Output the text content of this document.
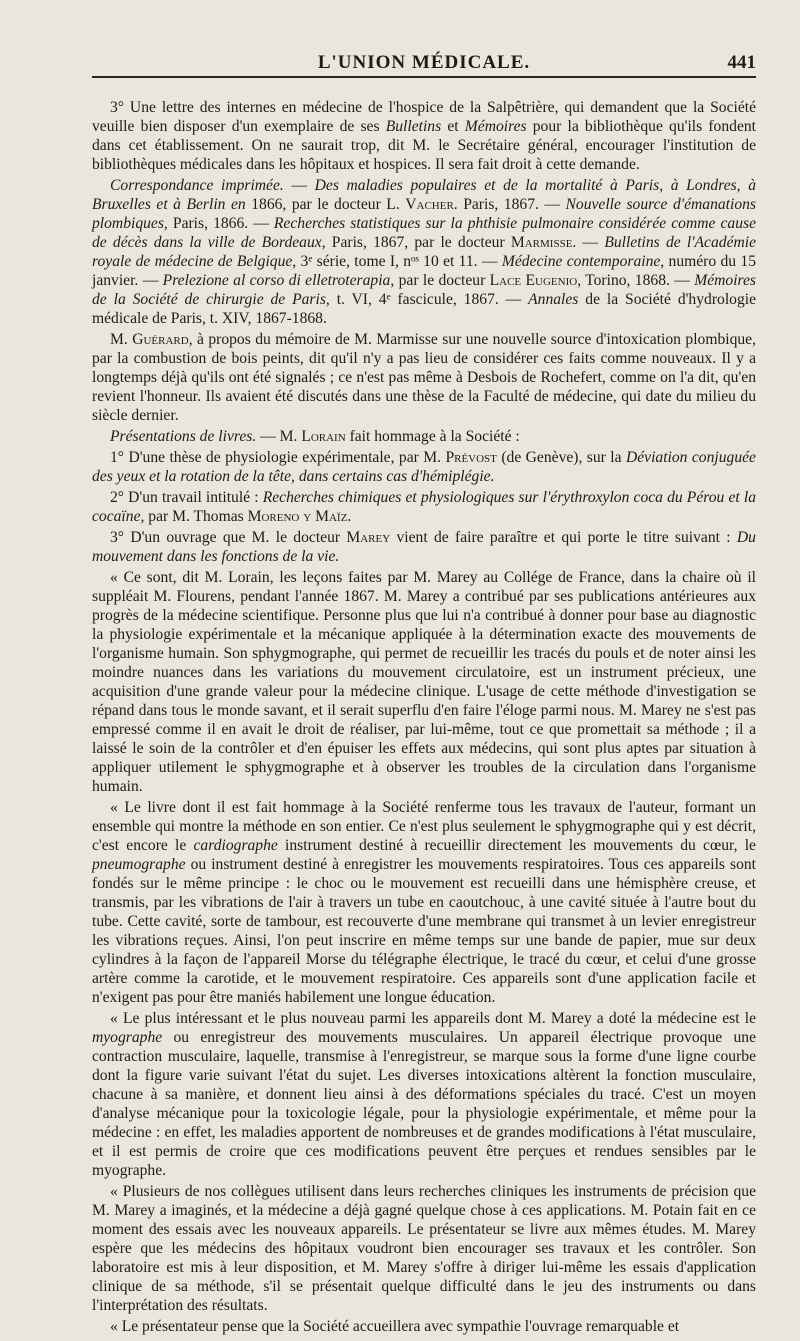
L'UNION MÉDICALE.	441

3° Une lettre des internes en médecine de l'hospice de la Salpêtrière, qui demandent que la Société veuille bien disposer d'un exemplaire de ses Bulletins et Mémoires pour la bibliothèque qu'ils fondent dans cet établissement. On ne saurait trop, dit M. le Secrétaire général, encourager l'institution de bibliothèques médicales dans les hôpitaux et hospices. Il sera fait droit à cette demande.

Correspondance imprimée. — Des maladies populaires et de la mortalité à Paris, à Londres, à Bruxelles et à Berlin en 1866, par le docteur L. Vacher. Paris, 1867. — Nouvelle source d'émanations plombiques, Paris, 1866. — Recherches statistiques sur la phthisie pulmonaire considérée comme cause de décès dans la ville de Bordeaux, Paris, 1867, par le docteur Marmisse. — Bulletins de l'Académie royale de médecine de Belgique, 3ᵉ série, tome I, nᵒˢ 10 et 11. — Médecine contemporaine, numéro du 15 janvier. — Prelezione al corso di elletroterapia, par le docteur Lace Eugenio, Torino, 1868. — Mémoires de la Société de chirurgie de Paris, t. VI, 4ᵉ fascicule, 1867. — Annales de la Société d'hydrologie médicale de Paris, t. XIV, 1867-1868.

M. Guérard, à propos du mémoire de M. Marmisse sur une nouvelle source d'intoxication plombique, par la combustion de bois peints, dit qu'il n'y a pas lieu de considérer ces faits comme nouveaux. Il y a longtemps déjà qu'ils ont été signalés ; ce n'est pas même à Desbois de Rochefert, comme on l'a dit, qu'en revient l'honneur. Ils avaient été discutés dans une thèse de la Faculté de médecine, qui date du milieu du siècle dernier.

Présentations de livres. — M. Lorain fait hommage à la Société :

1° D'une thèse de physiologie expérimentale, par M. Prévost (de Genève), sur la Déviation conjuguée des yeux et la rotation de la tête, dans certains cas d'hémiplégie.

2° D'un travail intitulé : Recherches chimiques et physiologiques sur l'érythroxylon coca du Pérou et la cocaïne, par M. Thomas Moreno y Maïz.

3° D'un ouvrage que M. le docteur Marey vient de faire paraître et qui porte le titre suivant : Du mouvement dans les fonctions de la vie.

« Ce sont, dit M. Lorain, les leçons faites par M. Marey au Collége de France, dans la chaire où il suppléait M. Flourens, pendant l'année 1867. M. Marey a contribué par ses publications antérieures aux progrès de la médecine scientifique. Personne plus que lui n'a contribué à donner pour base au diagnostic la physiologie expérimentale et la mécanique appliquée à la détermination exacte des mouvements de l'organisme humain. Son sphygmographe, qui permet de recueillir les tracés du pouls et de noter ainsi les moindre nuances dans les variations du mouvement circulatoire, est un instrument précieux, une acquisition d'une grande valeur pour la médecine clinique. L'usage de cette méthode d'investigation se répand dans tous le monde savant, et il serait superflu d'en faire l'éloge parmi nous. M. Marey ne s'est pas empressé comme il en avait le droit de réaliser, par lui-même, tout ce que promettait sa méthode ; il a laissé le soin de la contrôler et d'en épuiser les effets aux médecins, qui sont plus aptes par situation à appliquer utilement le sphygmographe et à observer les troubles de la circulation dans l'organisme humain.

« Le livre dont il est fait hommage à la Société renferme tous les travaux de l'auteur, formant un ensemble qui montre la méthode en son entier. Ce n'est plus seulement le sphygmographe qui y est décrit, c'est encore le cardiographe instrument destiné à recueillir directement les mouvements du cœur, le pneumographe ou instrument destiné à enregistrer les mouvements respiratoires. Tous ces appareils sont fondés sur le même principe : le choc ou le mouvement est recueilli dans une hémisphère creuse, et transmis, par les vibrations de l'air à travers un tube en caoutchouc, à une cavité située à l'autre bout du tube. Cette cavité, sorte de tambour, est recouverte d'une membrane qui transmet à un levier enregistreur les vibrations reçues. Ainsi, l'on peut inscrire en même temps sur une bande de papier, mue sur deux cylindres à la façon de l'appareil Morse du télégraphe électrique, le tracé du cœur, et celui d'une grosse artère comme la carotide, et le mouvement respiratoire. Ces appareils sont d'une application facile et n'exigent pas pour être maniés habilement une longue éducation.

« Le plus intéressant et le plus nouveau parmi les appareils dont M. Marey a doté la médecine est le myographe ou enregistreur des mouvements musculaires. Un appareil électrique provoque une contraction musculaire, laquelle, transmise à l'enregistreur, se marque sous la forme d'une ligne courbe dont la figure varie suivant l'état du sujet. Les diverses intoxications altèrent la fonction musculaire, chacune à sa manière, et donnent lieu ainsi à des déformations spéciales du tracé. C'est un moyen d'analyse mécanique pour la toxicologie légale, pour la physiologie expérimentale, et même pour la médecine : en effet, les maladies apportent de nombreuses et de grandes modifications à l'état musculaire, et il est permis de croire que ces modifications peuvent être perçues et rendues sensibles par le myographe.

« Plusieurs de nos collègues utilisent dans leurs recherches cliniques les instruments de précision que M. Marey a imaginés, et la médecine a déjà gagné quelque chose à ces applications. M. Potain fait en ce moment des essais avec les nouveaux appareils. Le présentateur se livre aux mêmes études. M. Marey espère que les médecins des hôpitaux voudront bien encourager ses travaux et les contrôler. Son laboratoire est mis à leur disposition, et M. Marey s'offre à diriger lui-même les essais d'application clinique de sa méthode, s'il se présentait quelque difficulté dans le jeu des instruments ou dans l'interprétation des résultats.

« Le présentateur pense que la Société accueillera avec sympathie l'ouvrage remarquable et
